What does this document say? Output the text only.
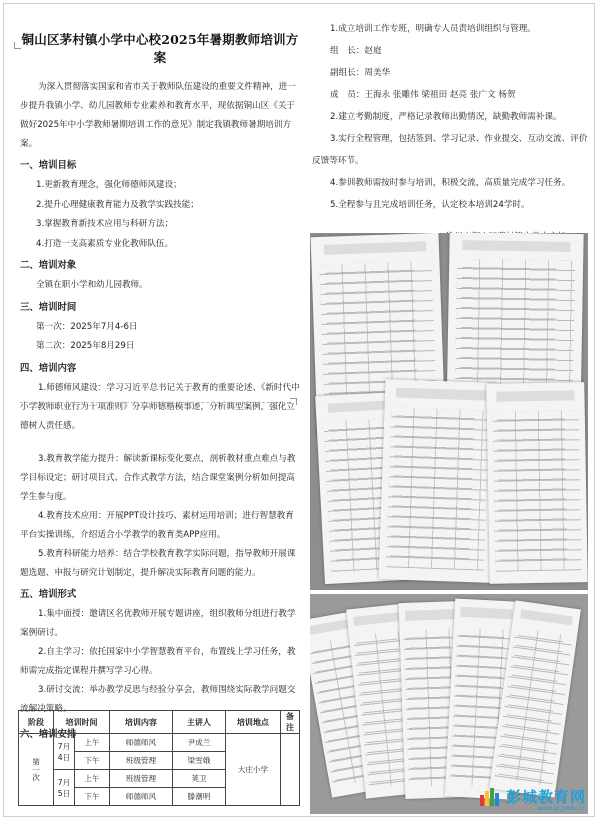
铜山区茅村镇小学中心校2025年暑期教师培训方案

为深入贯彻落实国家和省市关于教师队伍建设的重要文件精神，进一步提升我镇小学、幼儿园教师专业素养和教育水平，现依据铜山区《关于做好2025年中小学教师暑期培训工作的意见》制定我镇教师暑期培训方案。

一、培训目标

1.更新教育理念，强化师德师风建设；

2.提升心理健康教育能力及教学实践技能；

3.掌握教育新技术应用与科研方法；

4.打造一支高素质专业化教师队伍。

二、培训对象

全镇在职小学和幼儿园教师。

三、培训时间

第一次：2025年7月4-6日

第二次：2025年8月29日

四、培训内容

1.师德师风建设：学习习近平总书记关于教育的重要论述、《新时代中小学教师职业行为十项准则》分享师德楷模事迹，分析典型案例，强化立德树人责任感。

3.教育教学能力提升：解读新课标变化要点，剖析教材重点难点与教学目标设定；研讨项目式、合作式教学方法，结合课堂案例分析如何提高学生参与度。

4.教育技术应用：开展PPT设计技巧、素材运用培训；进行智慧教育平台实操训练，介绍适合小学教学的教育类APP应用。

5.教育科研能力培养：结合学校教育教学实际问题，指导教师开展课题选题、申报与研究计划制定，提升解决实际教育问题的能力。

五、培训形式

1.集中面授：邀请区名优教师开展专题讲座，组织教师分组进行教学案例研讨。

2.自主学习：依托国家中小学智慧教育平台，布置线上学习任务，教师需完成指定课程并撰写学习心得。

3.研讨交流：举办教学反思与经验分享会，教师围绕实际教学问题交流解决策略。

六、培训安排

阶段	培训时间		培训内容	主讲人	培训地点	备注
第一次	7月4日	上午	师德师风	尹成兰	大庄小学	
		下午	班级管理	梁雪娥		
	7月5日	上午	班级管理	荚卫		
		下午	师德师风	滕潮明		

1.成立培训工作专班，明确专人员责培训组织与管理。

组　长：赵庭

副组长：周美华

成　员：王海永 张雕伟 梁祖田 赵亮 张广文 杨贺

2.建立考勤制度，严格记录教师出勤情况，缺勤教师需补课。

3.实行全程管理，包括签到、学习记录、作业提交、互动交流、评价反馈等环节。

4.参训教师需按时参与培训，积极交流，高质量完成学习任务。

5.全程参与且完成培训任务，认定校本培训24学时。

彭城教育网
www.pcjyedu.cn
